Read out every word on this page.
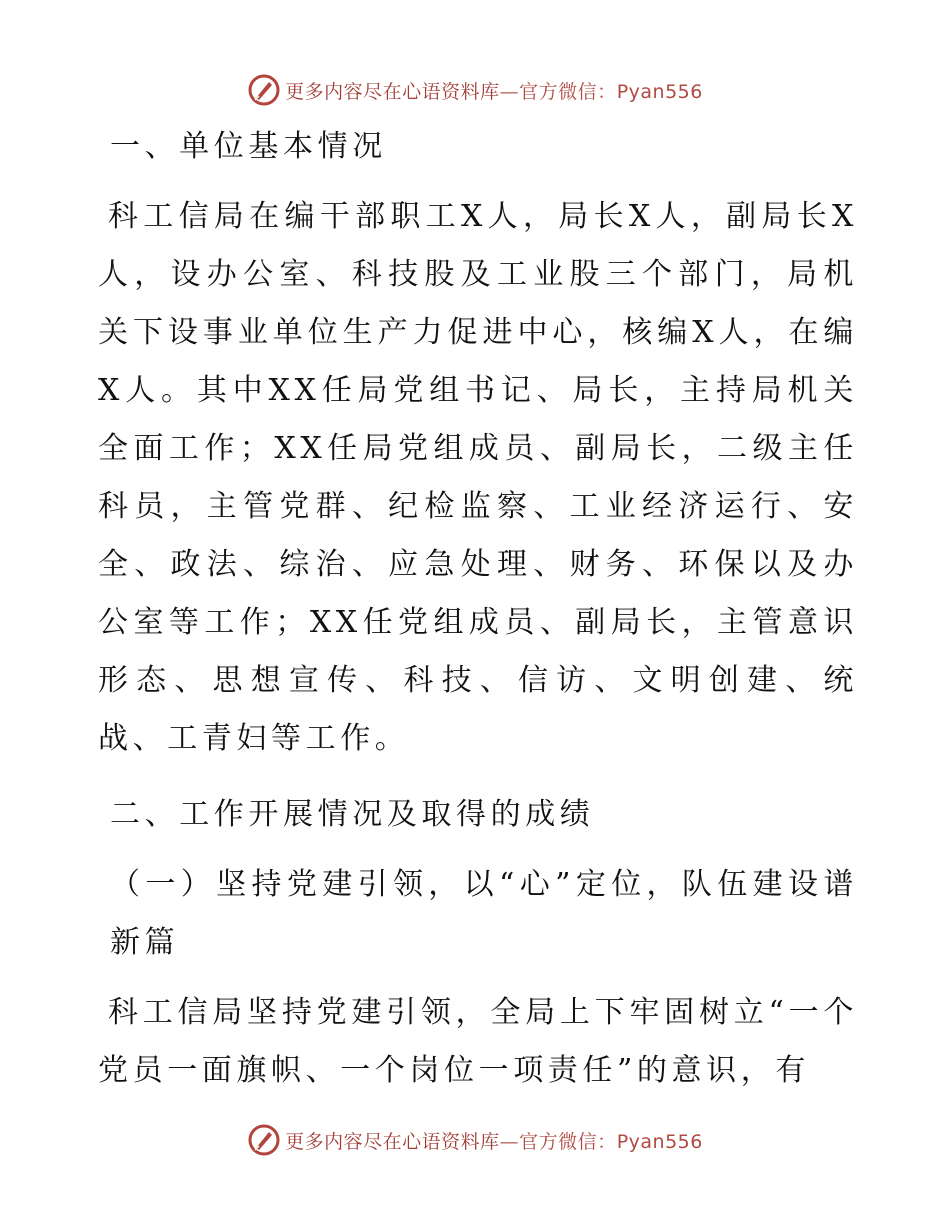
更多内容尽在心语资料库—官方微信：Pyan556

一、单位基本情况

科工信局在编干部职工X人，局长X人，副局长X人，设办公室、科技股及工业股三个部门，局机关下设事业单位生产力促进中心，核编X人，在编X人。其中XX任局党组书记、局长，主持局机关全面工作；XX任局党组成员、副局长，二级主任科员，主管党群、纪检监察、工业经济运行、安全、政法、综治、应急处理、财务、环保以及办公室等工作；XX任党组成员、副局长，主管意识形态、思想宣传、科技、信访、文明创建、统战、工青妇等工作。

二、工作开展情况及取得的成绩

（一）坚持党建引领，以“心”定位，队伍建设谱新篇

科工信局坚持党建引领，全局上下牢固树立“一个党员一面旗帜、一个岗位一项责任”的意识，有

更多内容尽在心语资料库—官方微信：Pyan556
